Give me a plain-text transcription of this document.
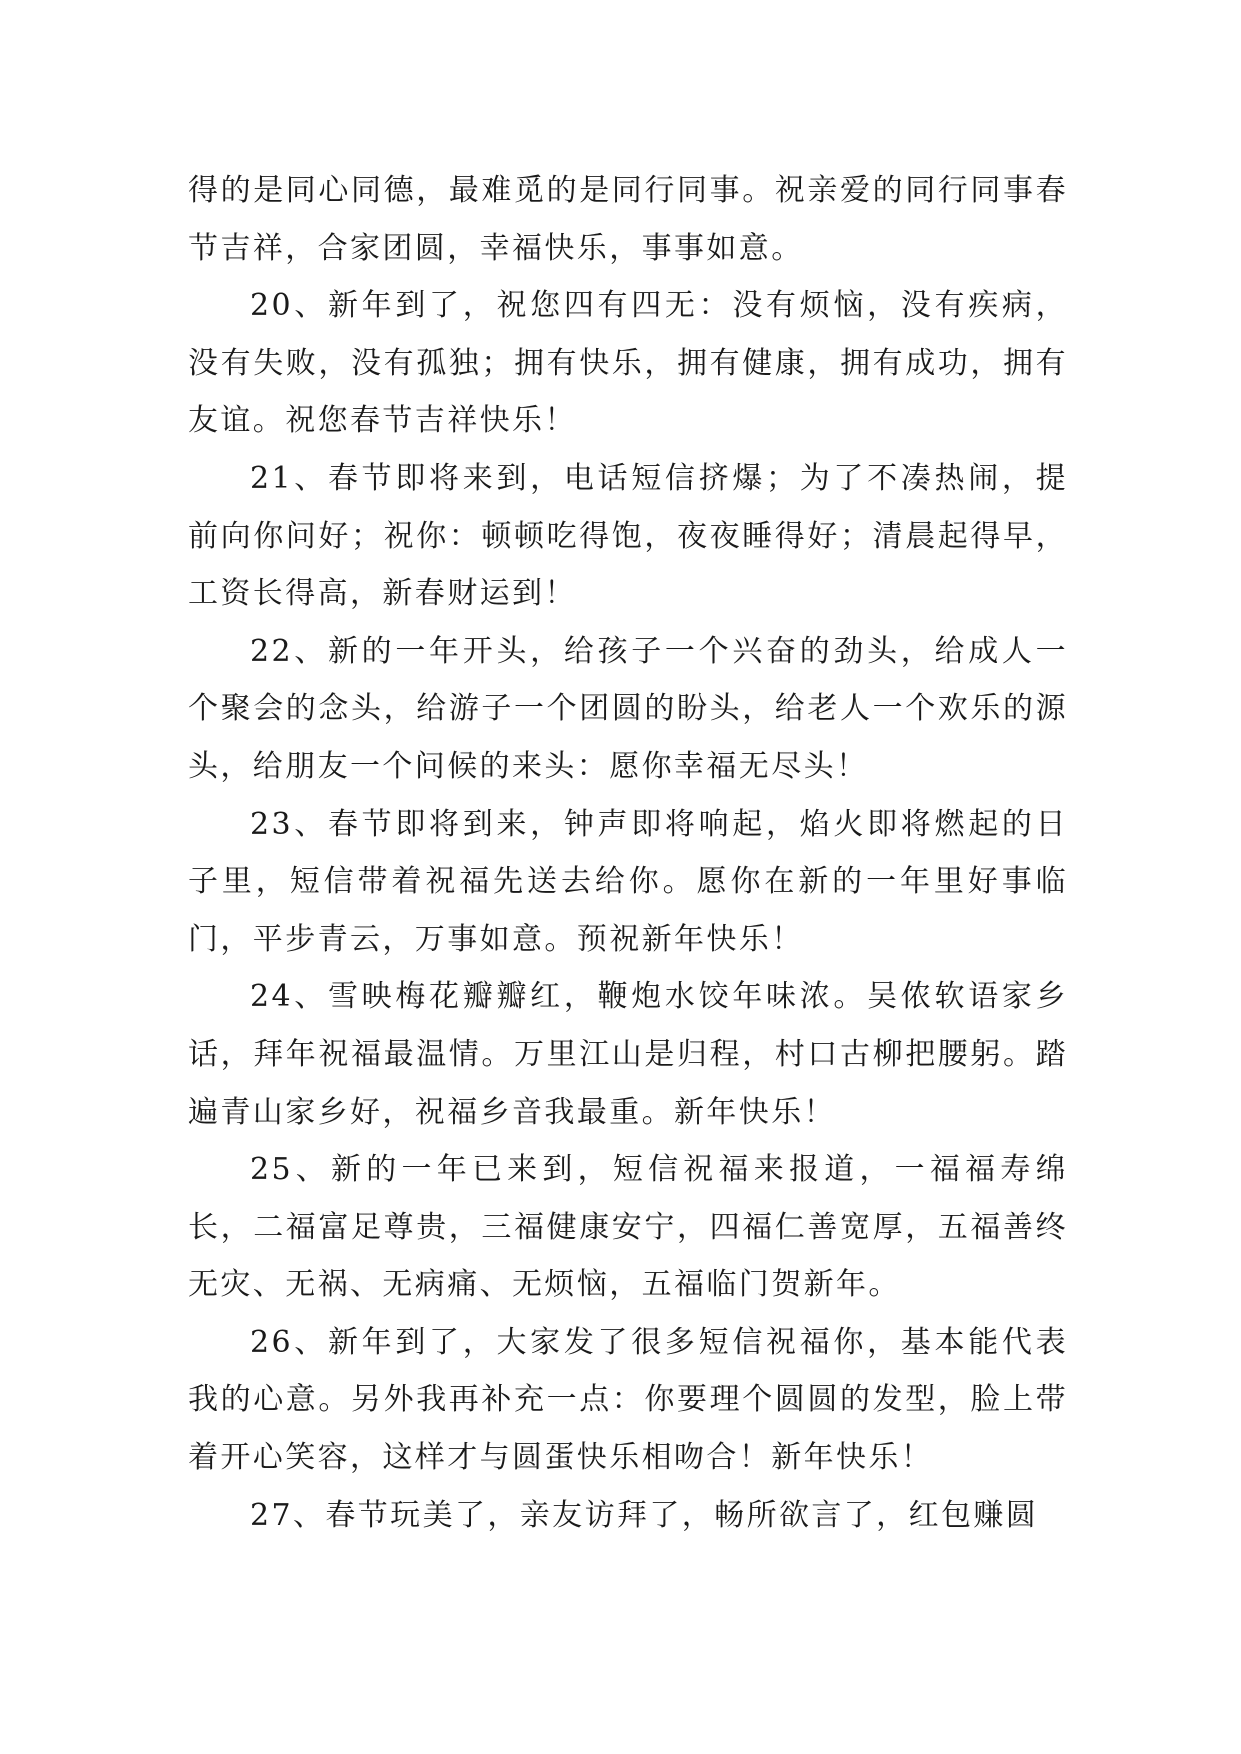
得的是同心同德，最难觅的是同行同事。祝亲爱的同行同事春节吉祥，合家团圆，幸福快乐，事事如意。

20、新年到了，祝您四有四无：没有烦恼，没有疾病，没有失败，没有孤独；拥有快乐，拥有健康，拥有成功，拥有友谊。祝您春节吉祥快乐！

21、春节即将来到，电话短信挤爆；为了不凑热闹，提前向你问好；祝你：顿顿吃得饱，夜夜睡得好；清晨起得早，工资长得高，新春财运到！

22、新的一年开头，给孩子一个兴奋的劲头，给成人一个聚会的念头，给游子一个团圆的盼头，给老人一个欢乐的源头，给朋友一个问候的来头：愿你幸福无尽头！

23、春节即将到来，钟声即将响起，焰火即将燃起的日子里，短信带着祝福先送去给你。愿你在新的一年里好事临门，平步青云，万事如意。预祝新年快乐！

24、雪映梅花瓣瓣红，鞭炮水饺年味浓。吴侬软语家乡话，拜年祝福最温情。万里江山是归程，村口古柳把腰躬。踏遍青山家乡好，祝福乡音我最重。新年快乐！

25、新的一年已来到，短信祝福来报道，一福福寿绵长，二福富足尊贵，三福健康安宁，四福仁善宽厚，五福善终无灾、无祸、无病痛、无烦恼，五福临门贺新年。

26、新年到了，大家发了很多短信祝福你，基本能代表我的心意。另外我再补充一点：你要理个圆圆的发型，脸上带着开心笑容，这样才与圆蛋快乐相吻合！新年快乐！

27、春节玩美了，亲友访拜了，畅所欲言了，红包赚圆
